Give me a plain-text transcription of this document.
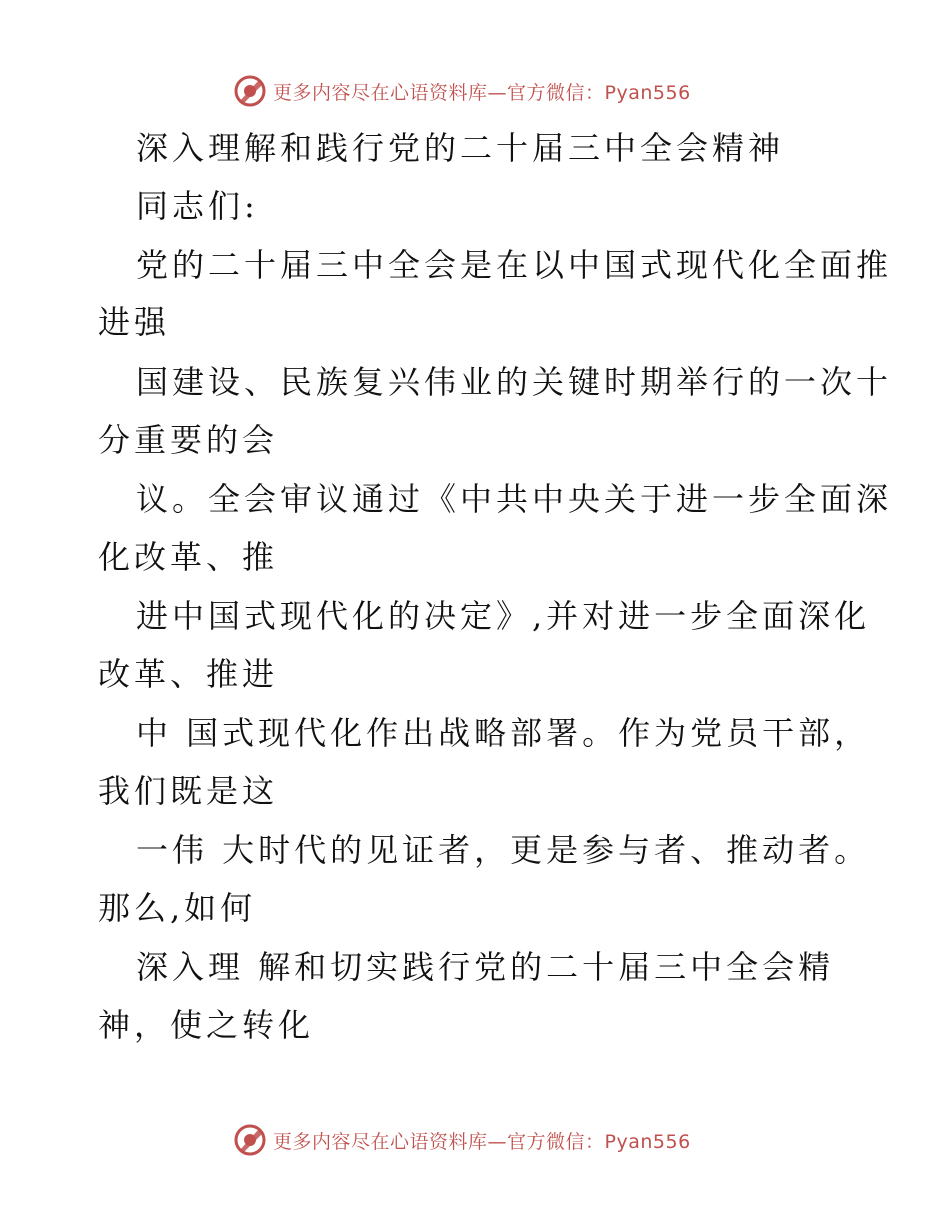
更多内容尽在心语资料库—官方微信：Pyan556
深入理解和践行党的二十届三中全会精神
同志们:
党的二十届三中全会是在以中国式现代化全面推
进强
国建设、民族复兴伟业的关键时期举行的一次十
分重要的会
议。全会审议通过《中共中央关于进一步全面深
化改革、推
进中国式现代化的决定》,并对进一步全面深化
改革、推进
中 国式现代化作出战略部署。作为党员干部，
我们既是这
一伟 大时代的见证者，更是参与者、推动者。
那么,如何
深入理 解和切实践行党的二十届三中全会精
神，使之转化
更多内容尽在心语资料库—官方微信：Pyan556
